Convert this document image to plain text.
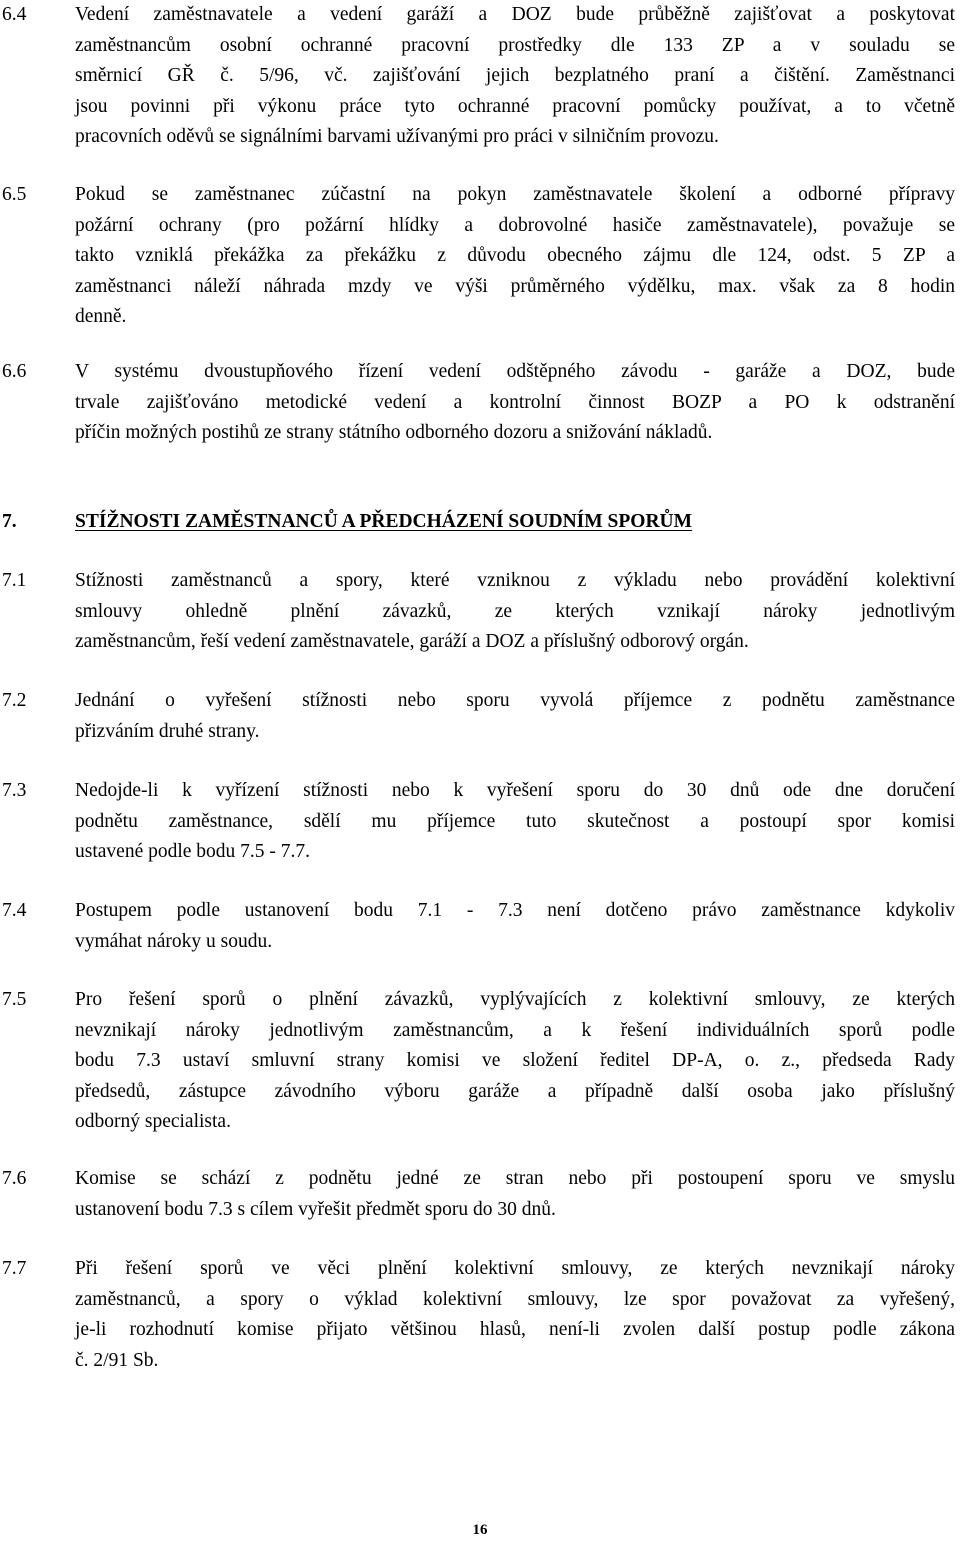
6.4 Vedení zaměstnavatele a vedení garáží a DOZ bude průběžně zajišťovat a poskytovat
zaměstnancům osobní ochranné pracovní prostředky dle 133 ZP a v souladu se
směrnicí GŘ č. 5/96, vč. zajišťování jejich bezplatného praní a čištění. Zaměstnanci
jsou povinni při výkonu práce tyto ochranné pracovní pomůcky používat, a to včetně
pracovních oděvů se signálními barvami užívanými pro práci v silničním provozu.
6.5 Pokud se zaměstnanec zúčastní na pokyn zaměstnavatele školení a odborné přípravy
požární ochrany (pro požární hlídky a dobrovolné hasiče zaměstnavatele), považuje se
takto vzniklá překážka za překážku z důvodu obecného zájmu dle 124, odst. 5 ZP a
zaměstnanci náleží náhrada mzdy ve výši průměrného výdělku, max. však za 8 hodin
denně.
6.6 V systému dvoustupňového řízení vedení odštěpného závodu - garáže a DOZ, bude
trvale zajišťováno metodické vedení a kontrolní činnost BOZP a PO k odstranění
příčin možných postihů ze strany státního odborného dozoru a snižování nákladů.
7.	STÍŽNOSTI ZAMĚSTNANCŮ A PŘEDCHÁZENÍ SOUDNÍM SPORŮM
7.1 Stížnosti zaměstnanců a spory, které vzniknou z výkladu nebo provádění kolektivní
smlouvy ohledně plnění závazků, ze kterých vznikají nároky jednotlivým
zaměstnancům, řeší vedení zaměstnavatele, garáží a DOZ a příslušný odborový orgán.
7.2 Jednání o vyřešení stížnosti nebo sporu vyvolá příjemce z podnětu zaměstnance
přizváním druhé strany.
7.3 Nedojde-li k vyřízení stížnosti nebo k vyřešení sporu do 30 dnů ode dne doručení
podnětu zaměstnance, sdělí mu příjemce tuto skutečnost a postoupí spor komisi
ustavené podle bodu 7.5 - 7.7.
7.4 Postupem podle ustanovení bodu 7.1 - 7.3 není dotčeno právo zaměstnance kdykoliv
vymáhat nároky u soudu.
7.5 Pro řešení sporů o plnění závazků, vyplývajících z kolektivní smlouvy, ze kterých
nevznikají nároky jednotlivým zaměstnancům, a k řešení individuálních sporů podle
bodu 7.3 ustaví smluvní strany komisi ve složení ředitel DP-A, o. z., předseda Rady
předsedů, zástupce závodního výboru garáže a případně další osoba jako příslušný
odborný specialista.
7.6 Komise se schází z podnětu jedné ze stran nebo při postoupení sporu ve smyslu
ustanovení bodu 7.3 s cílem vyřešit předmět sporu do 30 dnů.
7.7 Při řešení sporů ve věci plnění kolektivní smlouvy, ze kterých nevznikají nároky
zaměstnanců, a spory o výklad kolektivní smlouvy, lze spor považovat za vyřešený,
je-li rozhodnutí komise přijato většinou hlasů, není-li zvolen další postup podle zákona
č. 2/91 Sb.
16
